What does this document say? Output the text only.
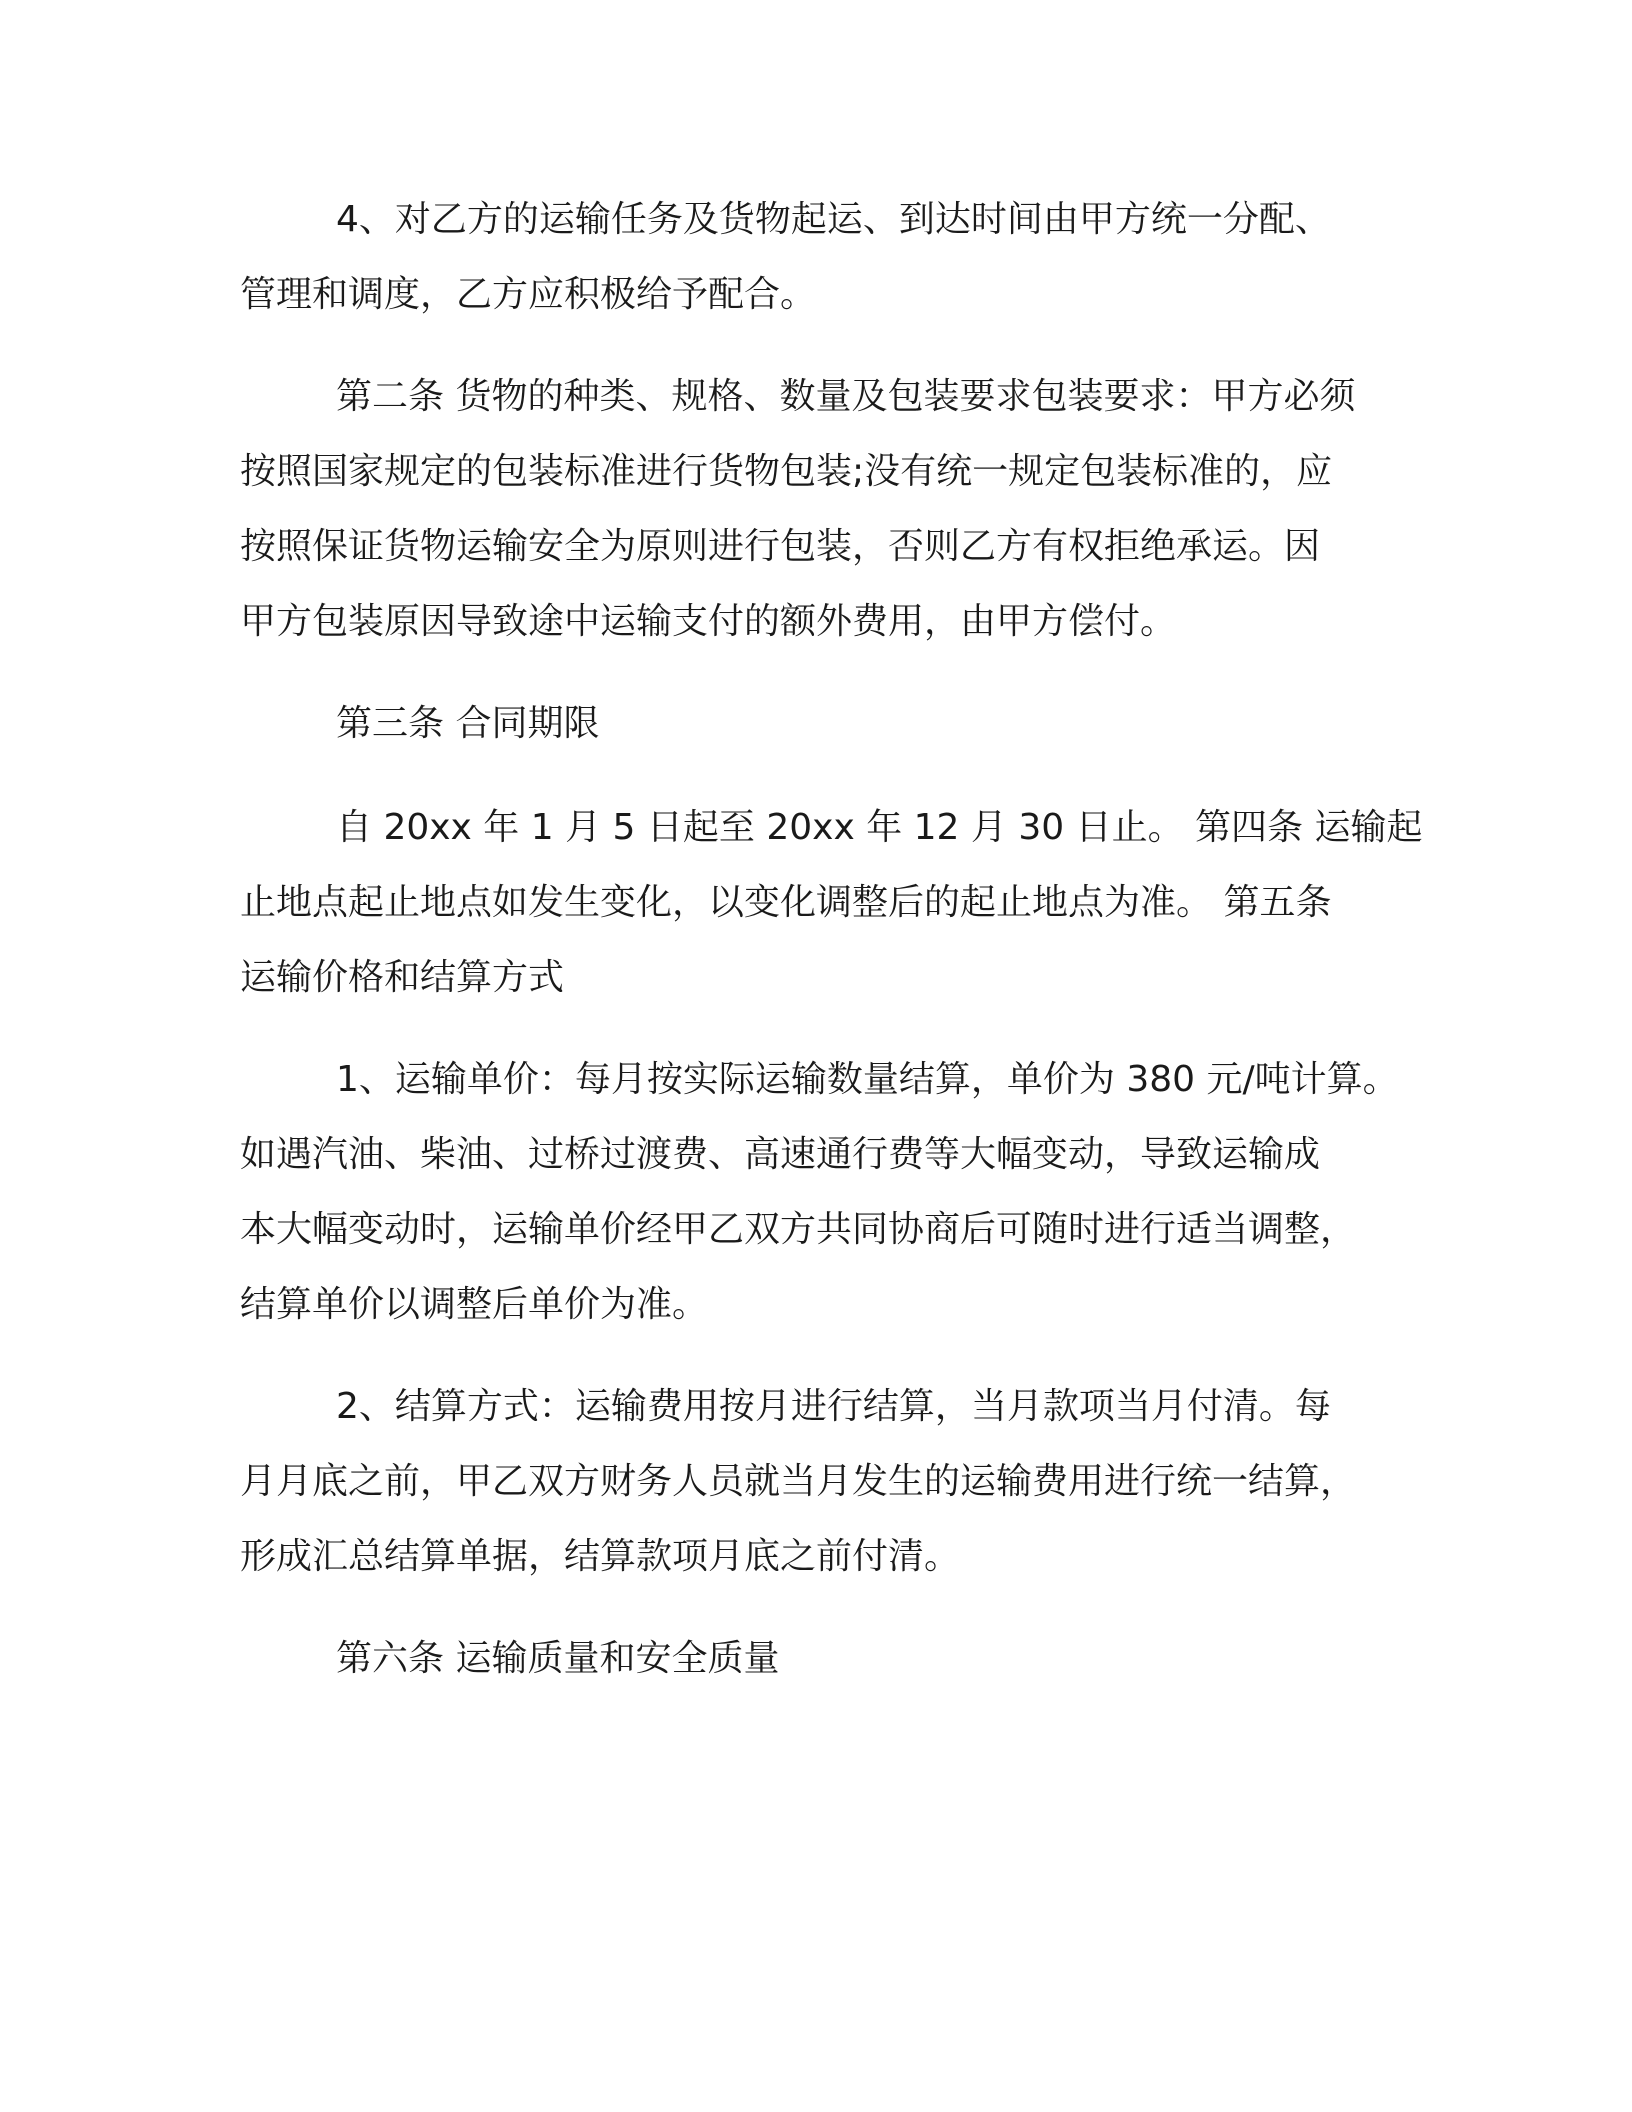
4、对乙方的运输任务及货物起运、到达时间由甲方统一分配、
管理和调度，乙方应积极给予配合。
第二条 货物的种类、规格、数量及包装要求包装要求：甲方必须
按照国家规定的包装标准进行货物包装;没有统一规定包装标准的，应
按照保证货物运输安全为原则进行包装，否则乙方有权拒绝承运。因
甲方包装原因导致途中运输支付的额外费用，由甲方偿付。
第三条 合同期限
自 20xx 年 1 月 5 日起至 20xx 年 12 月 30 日止。 第四条 运输起
止地点起止地点如发生变化，以变化调整后的起止地点为准。 第五条
运输价格和结算方式
1、运输单价：每月按实际运输数量结算，单价为 380 元/吨计算。
如遇汽油、柴油、过桥过渡费、高速通行费等大幅变动，导致运输成
本大幅变动时，运输单价经甲乙双方共同协商后可随时进行适当调整，
结算单价以调整后单价为准。
2、结算方式：运输费用按月进行结算，当月款项当月付清。每
月月底之前，甲乙双方财务人员就当月发生的运输费用进行统一结算，
形成汇总结算单据，结算款项月底之前付清。
第六条 运输质量和安全质量
